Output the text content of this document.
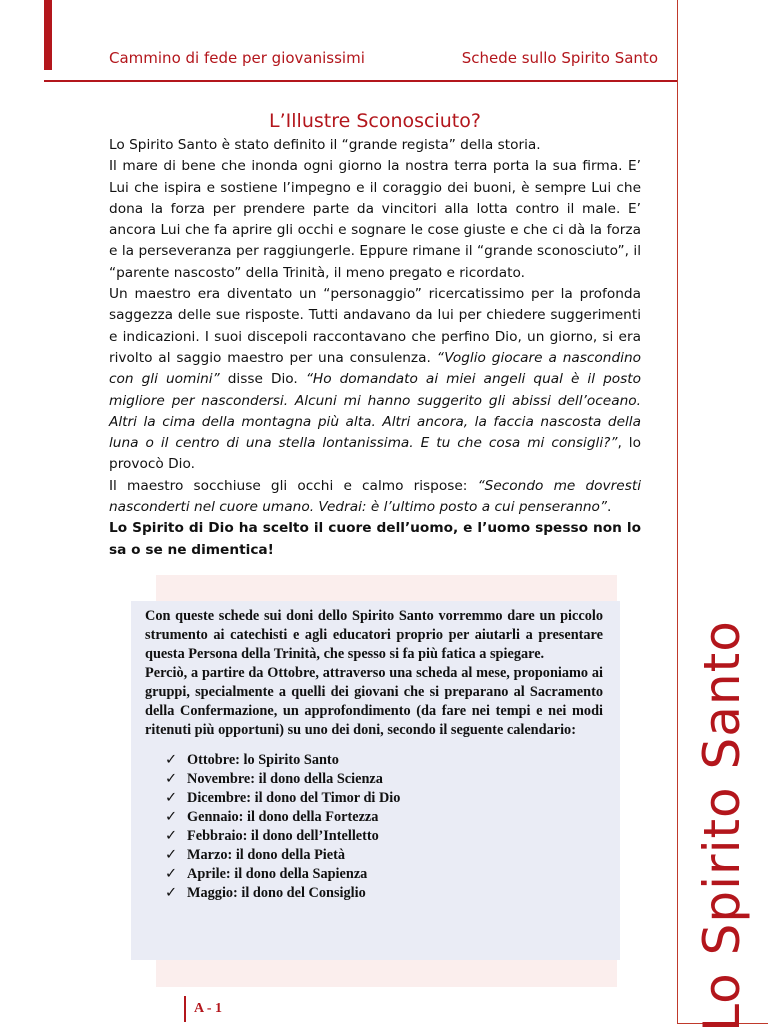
Cammino di fede per giovanissimi	Schede sullo Spirito Santo
Lo Spirito Santo
L’Illustre Sconosciuto?

Lo Spirito Santo è stato definito il “grande regista” della storia.

Il mare di bene che inonda ogni giorno la nostra terra porta la sua firma. E’ Lui che ispira e sostiene l’impegno e il coraggio dei buoni, è sempre Lui che dona la forza per prendere parte da vincitori alla lotta contro il male. E’ ancora Lui che fa aprire gli occhi e sognare le cose giuste e che ci dà la forza e la perseveranza per raggiungerle. Eppure rimane il “grande sconosciuto”, il “parente nascosto” della Trinità, il meno pregato e ricordato.

Un maestro era diventato un “personaggio” ricercatissimo per la profonda saggezza delle sue risposte. Tutti andavano da lui per chiedere suggerimenti e indicazioni. I suoi discepoli raccontavano che perfino Dio, un giorno, si era rivolto al saggio maestro per una consulenza. “Voglio giocare a nascondino con gli uomini” disse Dio. “Ho domandato ai miei angeli qual è il posto migliore per nascondersi. Alcuni mi hanno suggerito gli abissi dell’oceano. Altri la cima della montagna più alta. Altri ancora, la faccia nascosta della luna o il centro di una stella lontanissima. E tu che cosa mi consigli?”, lo provocò Dio.

Il maestro socchiuse gli occhi e calmo rispose: “Secondo me dovresti nasconderti nel cuore umano. Vedrai: è l’ultimo posto a cui penseranno”.

Lo Spirito di Dio ha scelto il cuore dell’uomo, e l’uomo spesso non lo sa o se ne dimentica!

Con queste schede sui doni dello Spirito Santo vorremmo dare un piccolo strumento ai catechisti e agli educatori proprio per aiutarli a presentare questa Persona della Trinità, che spesso si fa più fatica a spiegare.

Perciò, a partire da Ottobre, attraverso una scheda al mese, proponiamo ai gruppi, specialmente a quelli dei giovani che si preparano al Sacramento della Confermazione, un approfondimento (da fare nei tempi e nei modi ritenuti più opportuni) su uno dei doni, secondo il seguente calendario:

✓ Ottobre: lo Spirito Santo
✓ Novembre: il dono della Scienza
✓ Dicembre: il dono del Timor di Dio
✓ Gennaio: il dono della Fortezza
✓ Febbraio: il dono dell’Intelletto
✓ Marzo: il dono della Pietà
✓ Aprile: il dono della Sapienza
✓ Maggio: il dono del Consiglio
A - 1
